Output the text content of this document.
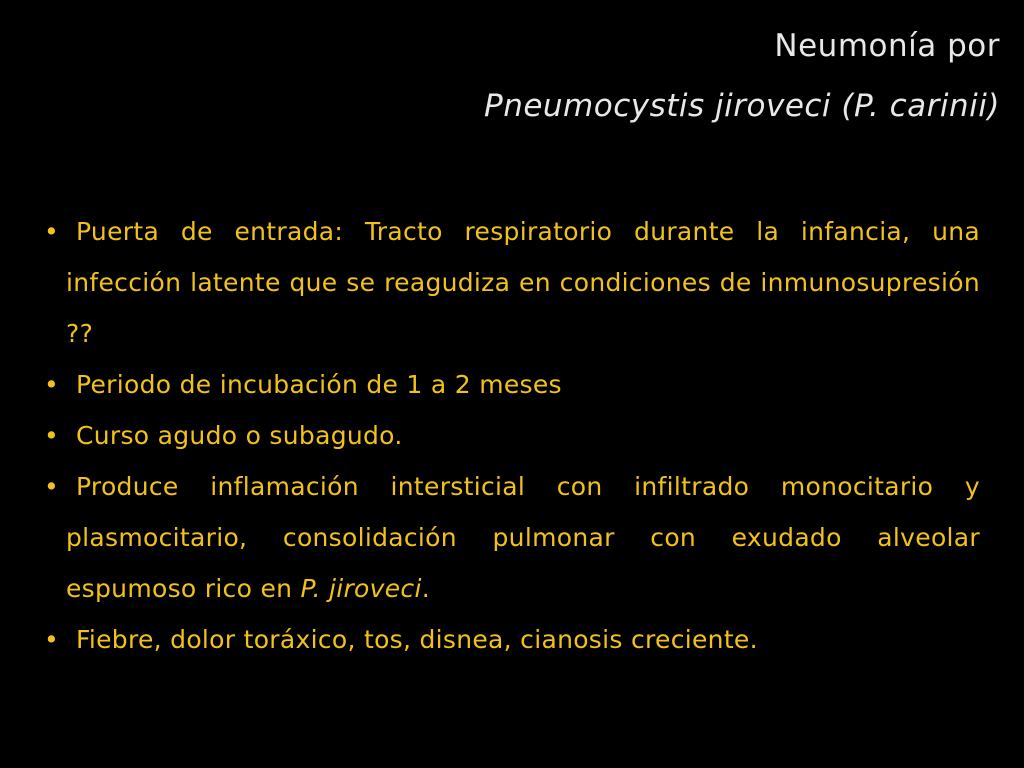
Neumonía por
Pneumocystis jiroveci (P. carinii)
• Puerta de entrada: Tracto respiratorio durante la infancia, una infección latente que se reagudiza en condiciones de inmunosupresión ??
• Periodo de incubación de 1 a 2 meses
• Curso agudo o subagudo.
• Produce inflamación intersticial con infiltrado monocitario y plasmocitario, consolidación pulmonar con exudado alveolar espumoso rico en P. jiroveci.
• Fiebre, dolor toráxico, tos, disnea, cianosis creciente.
